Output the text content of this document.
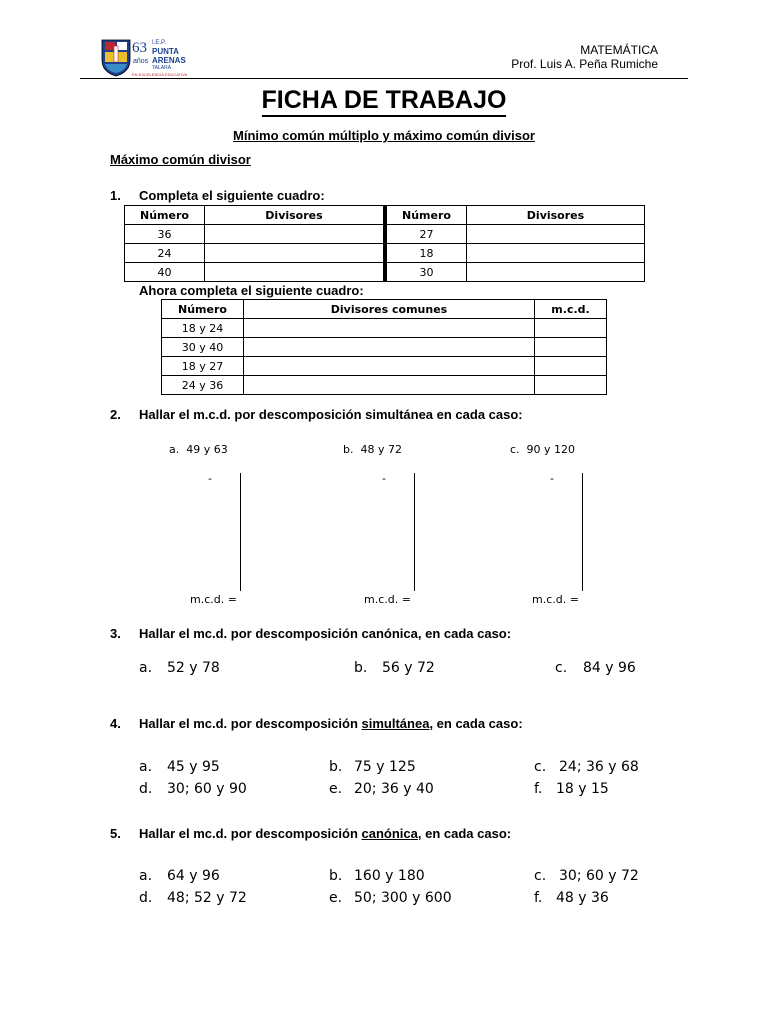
63
años
I.E.P.
PUNTA
ARENAS
TALARA
EN EXCELENCIA EDUCATIVA
MATEMÁTICA
Prof. Luis A. Peña Rumiche
FICHA DE TRABAJO
Mínimo común múltiplo y máximo común divisor
Máximo común divisor
1. Completa el siguiente cuadro:
Número	Divisores	Número	Divisores
36		27	
24		18	
40		30	
Ahora completa el siguiente cuadro:
Número	Divisores comunes	m.c.d.
18 y 24		
30 y 40		
18 y 27		
24 y 36		
2. Hallar el m.c.d. por descomposición simultánea en cada caso:
a. 49 y 63
-
m.c.d. =
b. 48 y 72
-
m.c.d. =
c. 90 y 120
-
m.c.d. =
3. Hallar el mc.d. por descomposición canónica, en cada caso:
a. 52 y 78	b. 56 y 72	c. 84 y 96
4. Hallar el mc.d. por descomposición simultánea, en cada caso:
a. 45 y 95	b. 75 y 125	c. 24; 36 y 68
d. 30; 60 y 90	e. 20; 36 y 40	f. 18 y 15
5. Hallar el mc.d. por descomposición canónica, en cada caso:
a. 64 y 96	b. 160 y 180	c. 30; 60 y 72
d. 48; 52 y 72	e. 50; 300 y 600	f. 48 y 36
